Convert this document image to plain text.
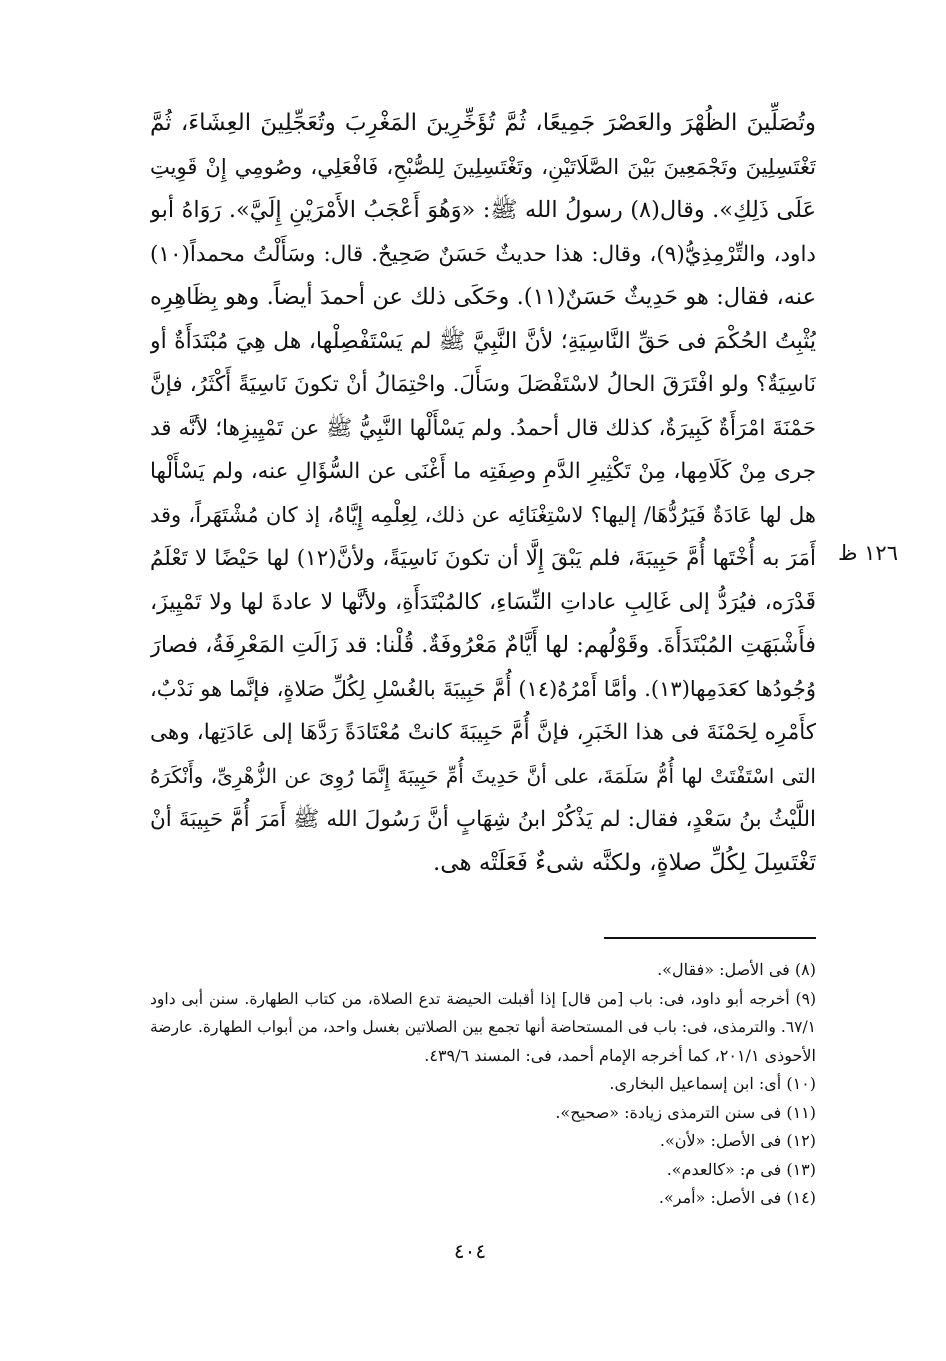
١٢٦ ظ
وتُصَلِّينَ الظُهْرَ والعَصْرَ جَمِيعًا، ثُمَّ تُؤَخِّرِينَ المَغْرِبَ وتُعَجِّلِينَ العِشَاءَ، ثُمَّ
تَغْتَسِلِينَ وتَجْمَعِينَ بَيْنَ الصَّلَاتَيْنِ، وتَغْتَسِلِينَ لِلصُّبْحِ، فَافْعَلِي، وصُومِي إِنْ قَوِيتِ
عَلَى ذَلِكِ». وقال(٨) رسولُ الله ﷺ: «وَهُوَ أَعْجَبُ الأَمْرَيْنِ إِلَيَّ». رَوَاهُ أبو
داود، والتِّرْمِذِيُّ(٩)، وقال: هذا حديثٌ حَسَنٌ صَحِيحٌ. قال: وسَأَلْتُ محمداً(١٠)
عنه، فقال: هو حَدِيثٌ حَسَنٌ(١١). وحَكَى ذلك عن أحمدَ أيضاً. وهو بِظَاهِرِه
يُثْبِتُ الحُكْمَ فى حَقِّ النَّاسِيَةِ؛ لأنَّ النَّبِيَّ ﷺ لم يَسْتَفْصِلْها، هل هِيَ مُبْتَدَأَةٌ أو
نَاسِيَةٌ؟ ولو افْتَرَقَ الحالُ لاسْتَفْصَلَ وسَأَلَ. واحْتِمَالُ أنْ تكونَ نَاسِيَةً أَكْثَرُ، فإنَّ
حَمْنَةَ امْرَأَةٌ كَبِيرَةٌ، كذلك قال أحمدُ. ولم يَسْأَلْها النَّبِيُّ ﷺ عن تَمْيِيزِها؛ لأنَّه قد
جرى مِنْ كَلَامِها، مِنْ تَكْثِيرِ الدَّمِ وصِفَتِه ما أَغْنَى عن السُّؤَالِ عنه، ولم يَسْأَلْها
هل لها عَادَةٌ فَيَرُدُّهَا/ إليها؟ لاسْتِغْنَائِه عن ذلك، لِعِلْمِه إِيَّاهُ، إذ كان مُشْتَهَراً، وقد
أَمَرَ به أُخْتَها أُمَّ حَبِيبَةَ، فلم يَبْقَ إِلَّا أن تكونَ نَاسِيَةً، ولأنَّ(١٢) لها حَيْضًا لا تَعْلَمُ
قَدْرَه، فيُرَدُّ إلى غَالِبِ عاداتِ النِّسَاءِ، كالمُبْتَدَأَةِ، ولأنَّها لا عادةَ لها ولا تَمْيِيزَ،
فأَشْبَهَتِ المُبْتَدَأَةَ. وقَوْلُهم: لها أَيَّامٌ مَعْرُوفَةٌ. قُلْنا: قد زَالَتِ المَعْرِفَةُ، فصارَ
وُجُودُها كعَدَمِها(١٣). وأمَّا أَمْرُهُ(١٤) أُمَّ حَبِيبَةَ بالغُسْلِ لِكُلِّ صَلاةٍ، فإنَّما هو نَدْبٌ،
كأَمْرِه لِحَمْنَةَ فى هذا الخَبَرِ، فإنَّ أُمَّ حَبِيبَةَ كانتْ مُعْتَادَةً رَدَّهَا إلى عَادَتِها، وهى
التى اسْتَفْتَتْ لها أُمُّ سَلَمَةَ، على أنَّ حَدِيثَ أُمِّ حَبِيبَةَ إِنَّمَا رُوِىَ عن الزُّهْرِىِّ، وأَنْكَرَهُ
اللَّيْثُ بنُ سَعْدٍ، فقال: لم يَذْكُرْ ابنُ شِهَابٍ أنَّ رَسُولَ الله ﷺ أَمَرَ أُمَّ حَبِيبَةَ أنْ
تَغْتَسِلَ لِكُلِّ صلاةٍ، ولكنَّه شىءٌ فَعَلَتْه هى.
(٨) فى الأصل: «فقال».
(٩) أخرجه أبو داود، فى: باب [من قال] إذا أقبلت الحيضة تدع الصلاة، من كتاب الطهارة. سنن أبى داود
٦٧/١. والترمذى، فى: باب فى المستحاضة أنها تجمع بين الصلاتين بغسل واحد، من أبواب الطهارة. عارضة
الأحوذى ٢٠١/١، كما أخرجه الإمام أحمد، فى: المسند ٤٣٩/٦.
(١٠) أى: ابن إسماعيل البخارى.
(١١) فى سنن الترمذى زيادة: «صحيح».
(١٢) فى الأصل: «لأن».
(١٣) فى م: «كالعدم».
(١٤) فى الأصل: «أمر».
٤٠٤
